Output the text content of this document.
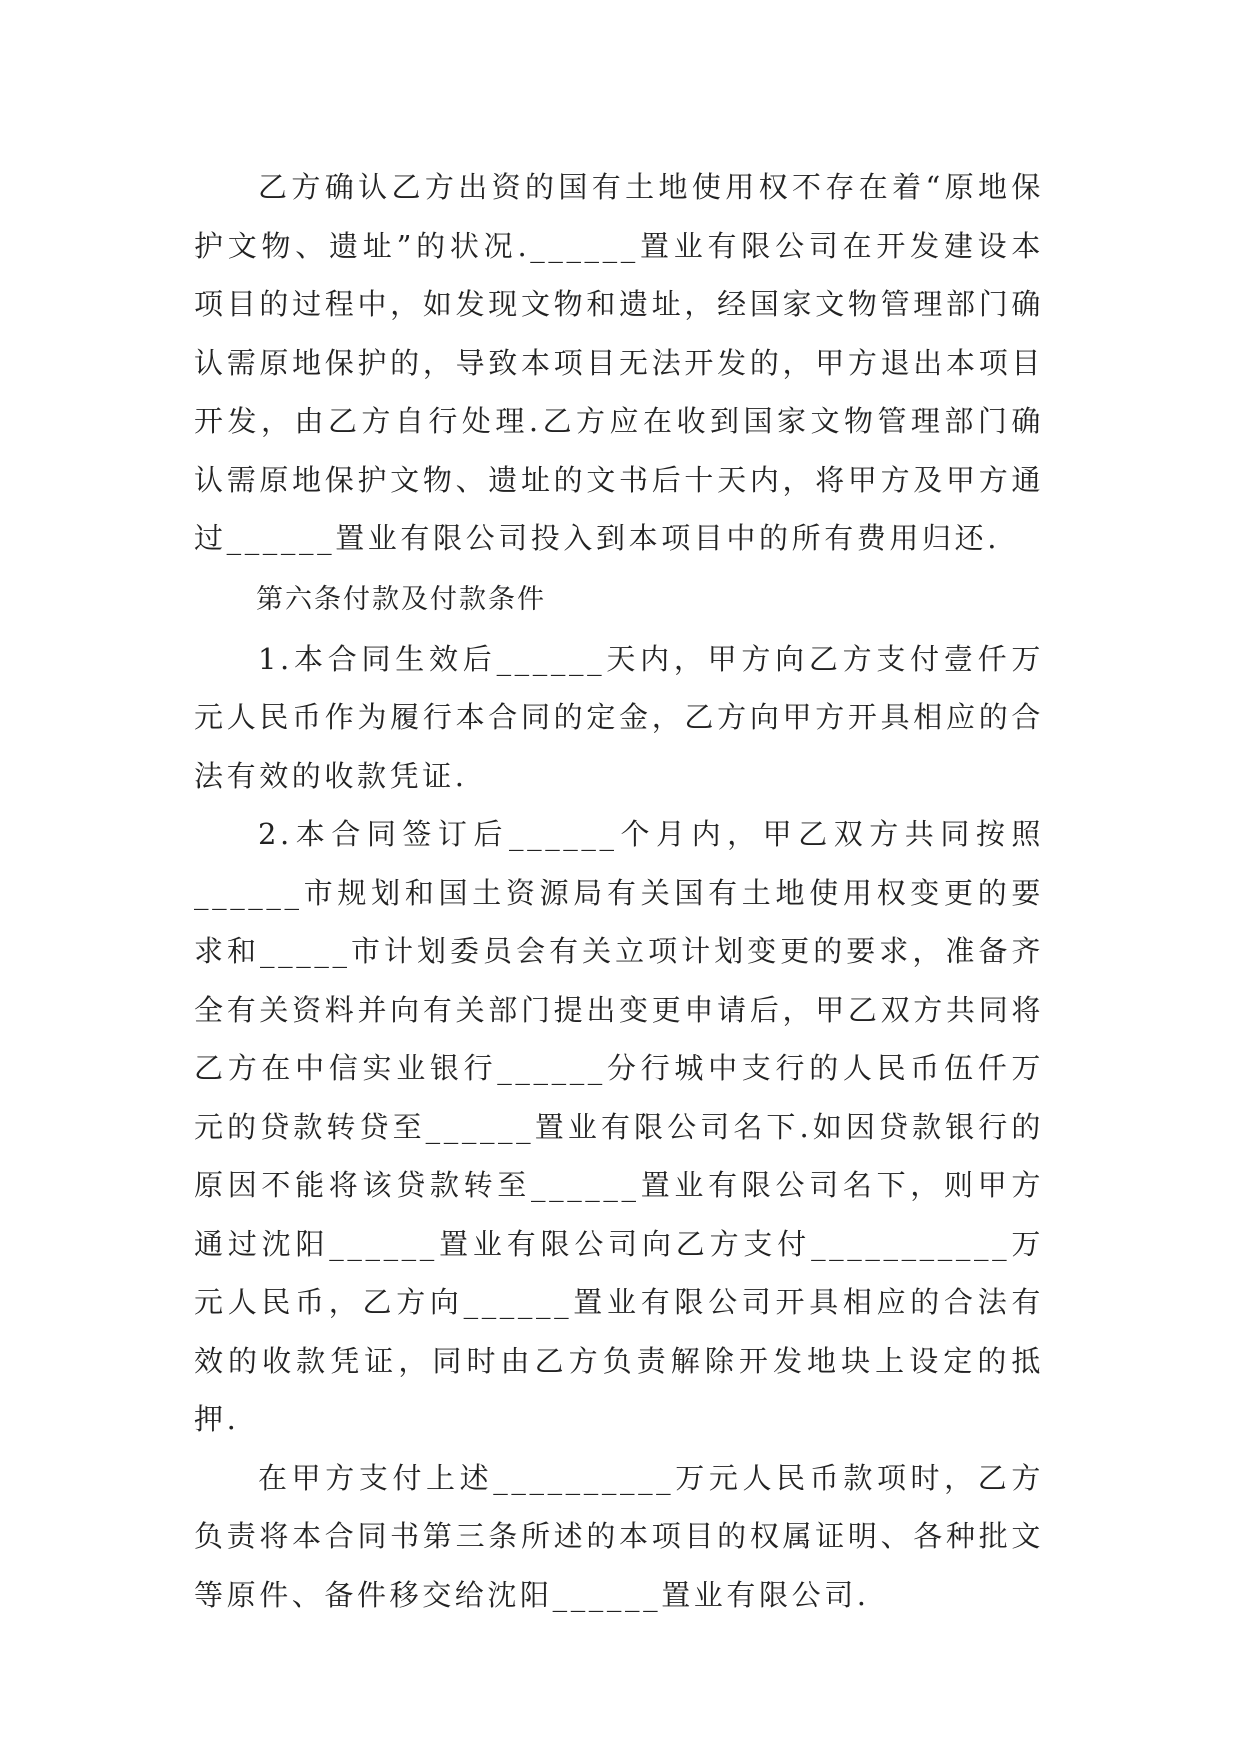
乙方确认乙方出资的国有土地使用权不存在着“原地保护文物、遗址”的状况.______置业有限公司在开发建设本项目的过程中，如发现文物和遗址，经国家文物管理部门确认需原地保护的，导致本项目无法开发的，甲方退出本项目开发，由乙方自行处理.乙方应在收到国家文物管理部门确认需原地保护文物、遗址的文书后十天内，将甲方及甲方通过______置业有限公司投入到本项目中的所有费用归还.

第六条付款及付款条件

1.本合同生效后______天内，甲方向乙方支付壹仟万元人民币作为履行本合同的定金，乙方向甲方开具相应的合法有效的收款凭证.

2.本合同签订后______个月内，甲乙双方共同按照______市规划和国土资源局有关国有土地使用权变更的要求和_____市计划委员会有关立项计划变更的要求，准备齐全有关资料并向有关部门提出变更申请后，甲乙双方共同将乙方在中信实业银行______分行城中支行的人民币伍仟万元的贷款转贷至______置业有限公司名下.如因贷款银行的原因不能将该贷款转至______置业有限公司名下，则甲方通过沈阳______置业有限公司向乙方支付___________万元人民币，乙方向______置业有限公司开具相应的合法有效的收款凭证，同时由乙方负责解除开发地块上设定的抵押.

在甲方支付上述__________万元人民币款项时，乙方负责将本合同书第三条所述的本项目的权属证明、各种批文等原件、备件移交给沈阳______置业有限公司.
